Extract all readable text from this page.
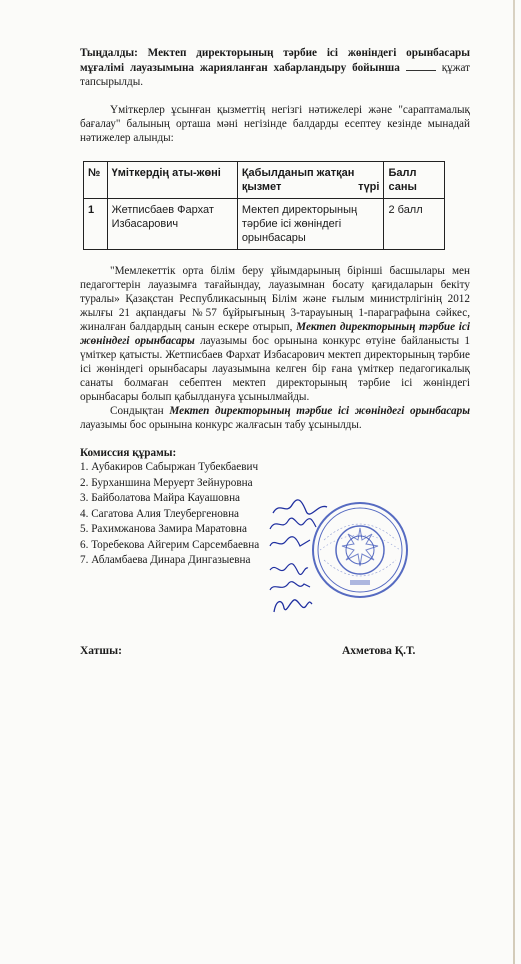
Тыңдалды: Мектеп директорының тәрбие ісі жөніндегі орынбасары мұғалімі лауазымына жарияланған хабарландыру бойынша	құжат тапсырылды.

Үміткерлер ұсынған қызметтің негізгі нәтижелері және "сараптамалық бағалау" балының орташа мәні негізінде балдарды есептеу кезінде мынадай нәтижелер алынды:

№	Үміткердің аты-жөні	Қабылданып жатқан қызмет түрі	Балл саны
1	Жетписбаев Фархат Избасарович	Мектеп директорының тәрбие ісі жөніндегі орынбасары	2 балл

"Мемлекеттік орта білім беру ұйымдарының бірінші басшылары мен педагогтерін лауазымға тағайындау, лауазымнан босату қағидаларын бекіту туралы» Қазақстан Республикасының Білім және ғылым министрлігінің 2012 жылғы 21 ақпандағы №57 бұйрығының 3-тарауының 1-параграфына сәйкес, жиналған балдардың санын ескере отырып, Мектеп директорының тәрбие ісі жөніндегі орынбасары лауазымы бос орынына конкурс өтуіне байланысты 1 үміткер қатысты. Жетписбаев Фархат Избасарович мектеп директорының тәрбие ісі жөніндегі орынбасары лауазымына келген бір ғана үміткер педагогикалық санаты болмаған себептен мектеп директорының тәрбие ісі жөніндегі орынбасары болып қабылдануға ұсынылмайды.

Сондықтан Мектеп директорының тәрбие ісі жөніндегі орынбасары лауазымы бос орынына конкурс жалғасын табу ұсынылды.

Комиссия құрамы:
1. Аубакиров Сабыржан Тубекбаевич
2. Бурханшина Меруерт Зейнуровна
3. Байболатова Майра Кауашовна
4. Сагатова Алия Тлеубергеновна
5. Рахимжанова Замира Маратовна
6. Торебекова Айгерим Сарсембаевна
7. Абламбаева Динара Дингазыевна
Хатшы:	Ахметова Қ.Т.
